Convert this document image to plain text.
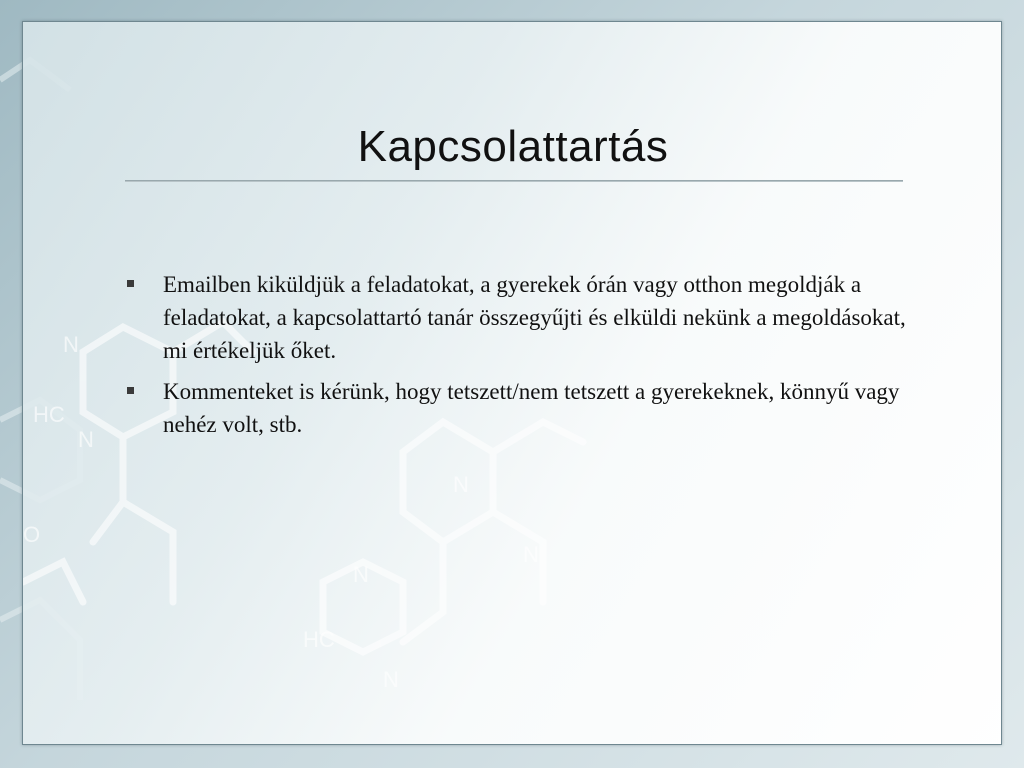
N
HC
N
N
HC
N
N
N
O
Kapcsolattartás
Emailben kiküldjük a feladatokat, a gyerekek órán vagy otthon megoldják a feladatokat, a kapcsolattartó tanár összegyűjti és elküldi nekünk a megoldásokat, mi értékeljük őket.
Kommenteket is kérünk, hogy tetszett/nem tetszett a gyerekeknek, könnyű vagy nehéz volt, stb.
